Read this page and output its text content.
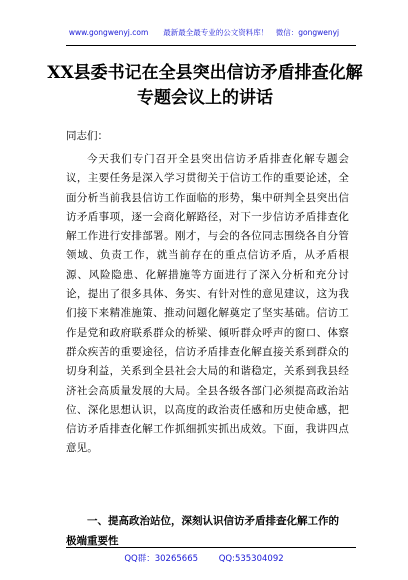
www.gongwenyj.com　　最新最全最专业的公文资料库！　微信：gongwenyj
XX县委书记在全县突出信访矛盾排查化解专题会议上的讲话
同志们：

今天我们专门召开全县突出信访矛盾排查化解专题会议，主要任务是深入学习贯彻关于信访工作的重要论述，全面分析当前我县信访工作面临的形势，集中研判全县突出信访矛盾事项，逐一会商化解路径，对下一步信访矛盾排查化解工作进行安排部署。刚才，与会的各位同志围绕各自分管领域、负责工作，就当前存在的重点信访矛盾，从矛盾根源、风险隐患、化解措施等方面进行了深入分析和充分讨论，提出了很多具体、务实、有针对性的意见建议，这为我们接下来精准施策、推动问题化解奠定了坚实基础。信访工作是党和政府联系群众的桥梁、倾听群众呼声的窗口、体察群众疾苦的重要途径，信访矛盾排查化解直接关系到群众的切身利益，关系到全县社会大局的和谐稳定，关系到我县经济社会高质量发展的大局。全县各级各部门必须提高政治站位、深化思想认识，以高度的政治责任感和历史使命感，把信访矛盾排查化解工作抓细抓实抓出成效。下面，我讲四点意见。

一、提高政治站位，深刻认识信访矛盾排查化解工作的极端重要性

QQ群：30265665 QQ:535304092
